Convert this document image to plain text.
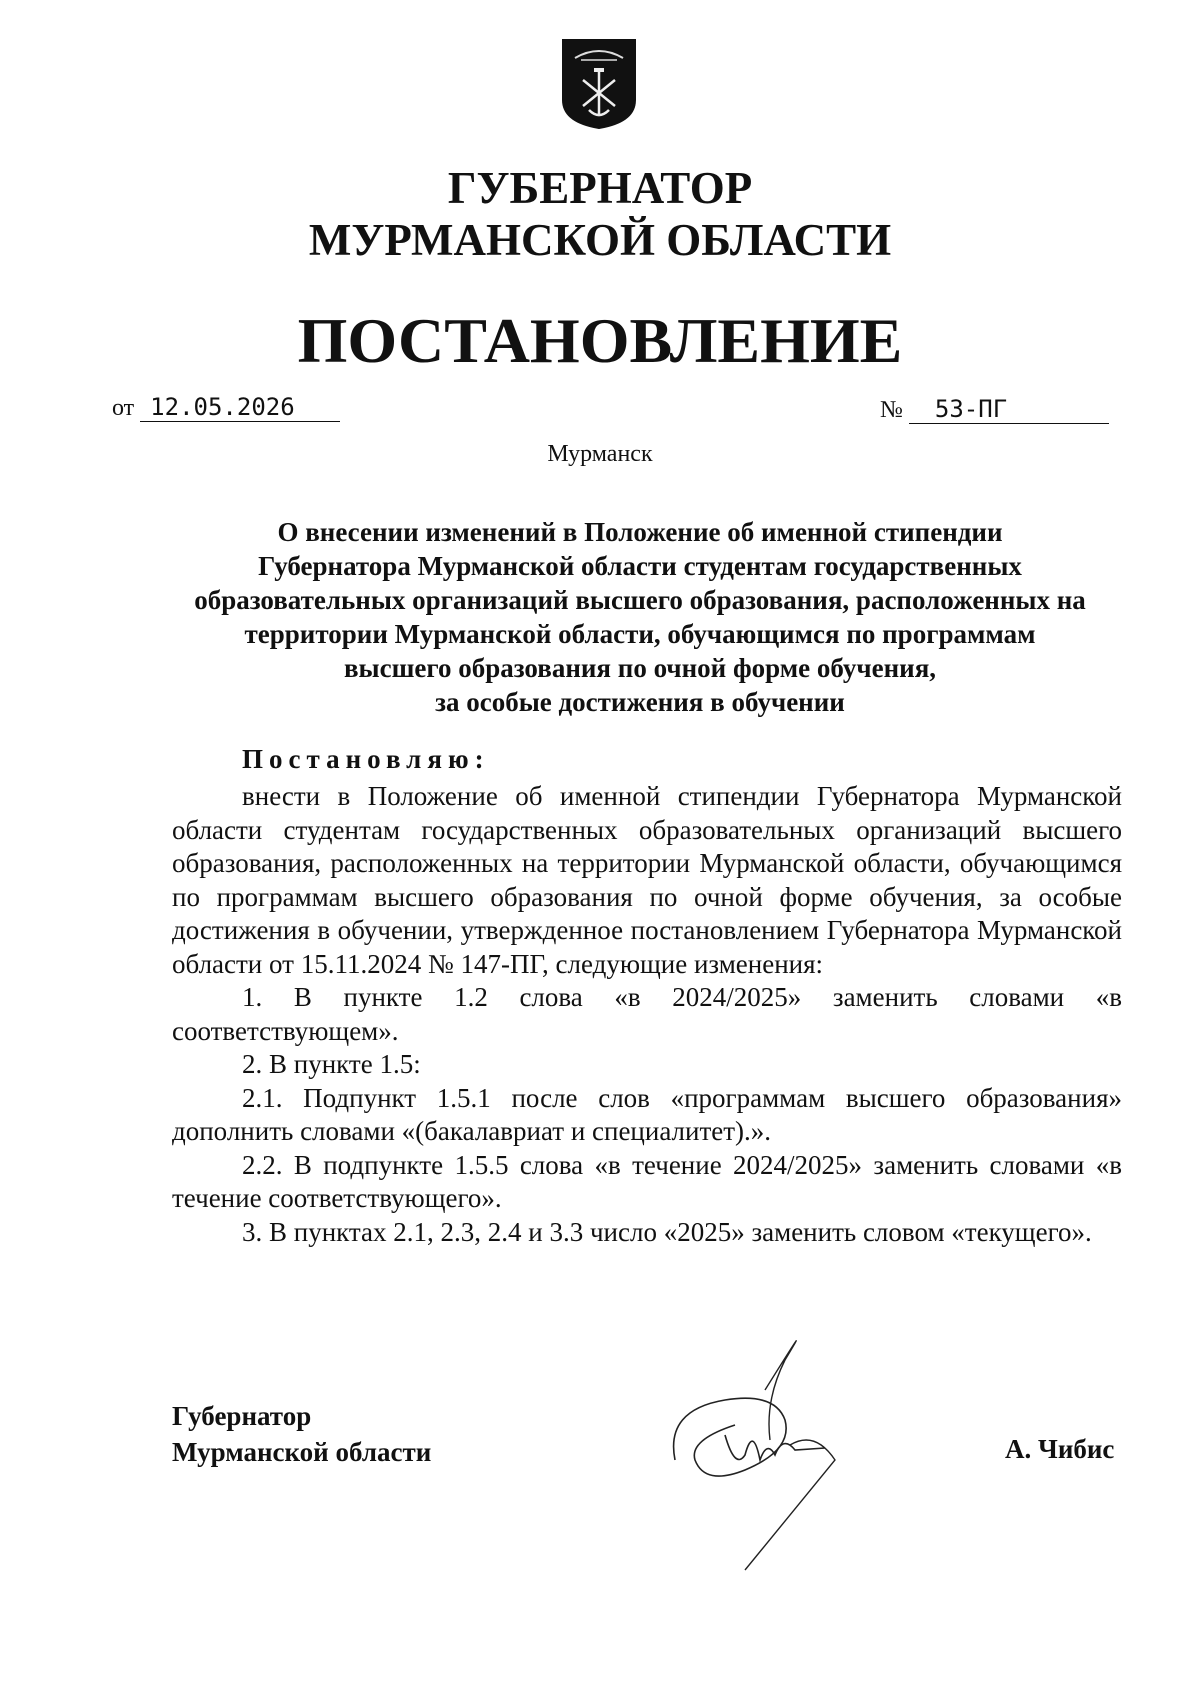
ГУБЕРНАТОР
МУРМАНСКОЙ ОБЛАСТИ
ПОСТАНОВЛЕНИЕ
от 12.05.2026	№ 53-ПГ
Мурманск
О внесении изменений в Положение об именной стипендии
Губернатора Мурманской области студентам государственных
образовательных организаций высшего образования, расположенных на
территории Мурманской области, обучающимся по программам
высшего образования по очной форме обучения,
за особые достижения в обучении
Постановляю:

внести в Положение об именной стипендии Губернатора Мурманской области студентам государственных образовательных организаций высшего образования, расположенных на территории Мурманской области, обучающимся по программам высшего образования по очной форме обучения, за особые достижения в обучении, утвержденное постановлением Губернатора Мурманской области от 15.11.2024 № 147-ПГ, следующие изменения:

1. В пункте 1.2 слова «в 2024/2025» заменить словами «в соответствующем».

2. В пункте 1.5:

2.1. Подпункт 1.5.1 после слов «программам высшего образования» дополнить словами «(бакалавриат и специалитет).».

2.2. В подпункте 1.5.5 слова «в течение 2024/2025» заменить словами «в течение соответствующего».

3. В пунктах 2.1, 2.3, 2.4 и 3.3 число «2025» заменить словом «текущего».

Губернатор
Мурманской области	А. Чибис
